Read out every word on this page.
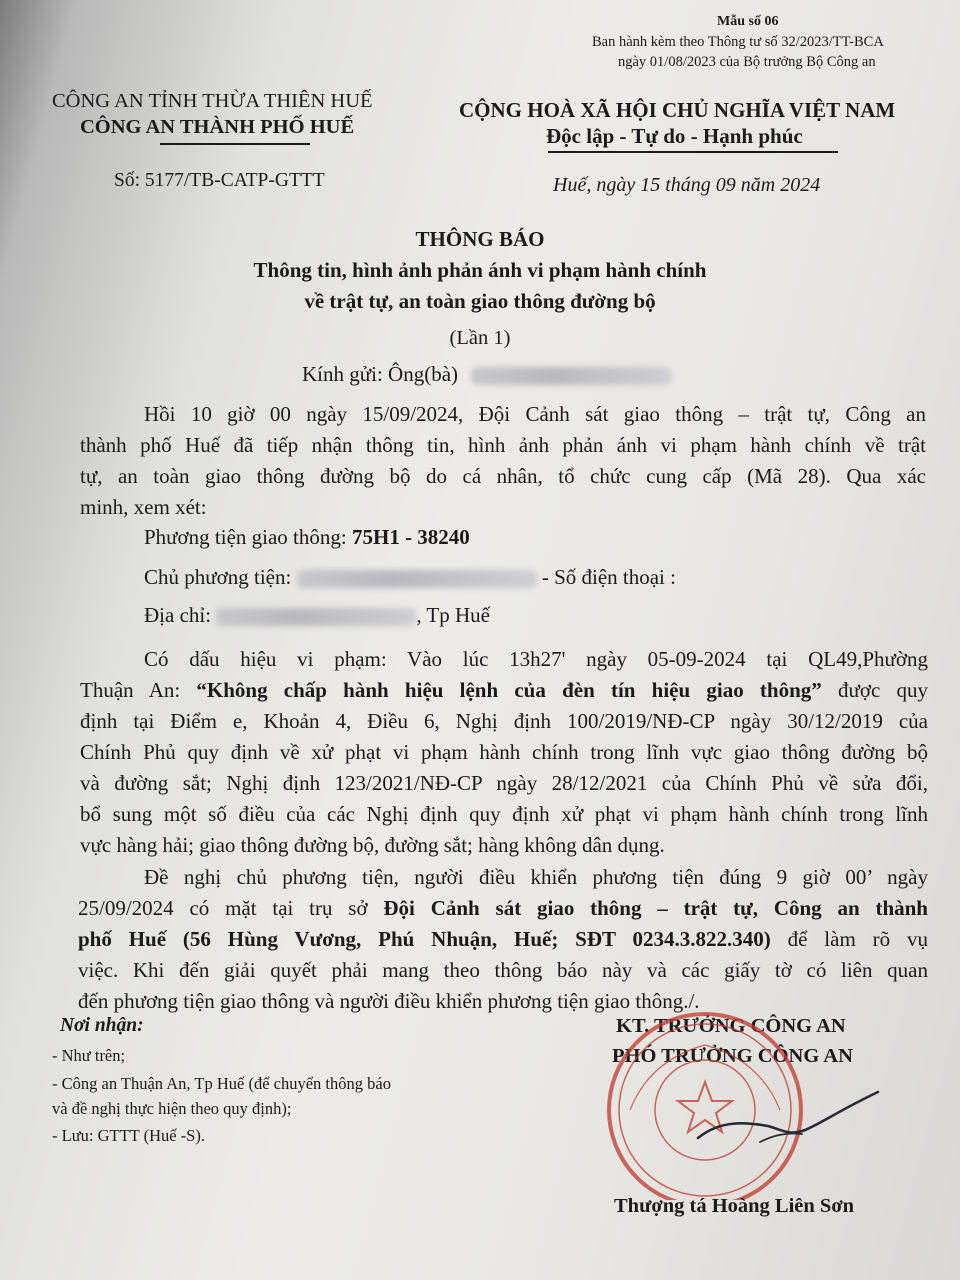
Mẫu số 06
Ban hành kèm theo Thông tư số 32/2023/TT-BCA
ngày 01/08/2023 của Bộ trưởng Bộ Công an
CÔNG AN TỈNH THỪA THIÊN HUẾ
CÔNG AN THÀNH PHỐ HUẾ
Số: 5177/TB-CATP-GTTT
CỘNG HOÀ XÃ HỘI CHỦ NGHĨA VIỆT NAM
Độc lập - Tự do - Hạnh phúc
Huế, ngày 15 tháng 09 năm 2024
THÔNG BÁO
Thông tin, hình ảnh phản ánh vi phạm hành chính
về trật tự, an toàn giao thông đường bộ
(Lần 1)
Kính gửi: Ông(bà)
Hồi 10 giờ 00 ngày 15/09/2024, Đội Cảnh sát giao thông – trật tự, Công an
thành phố Huế đã tiếp nhận thông tin, hình ảnh phản ánh vi phạm hành chính về trật
tự, an toàn giao thông đường bộ do cá nhân, tổ chức cung cấp (Mã 28). Qua xác
minh, xem xét:
Phương tiện giao thông: 75H1 - 38240
Chủ phương tiện:	- Số điện thoại :
Địa chỉ:	, Tp Huế
Có dấu hiệu vi phạm: Vào lúc 13h27' ngày 05-09-2024 tại QL49,Phường
Thuận An: “Không chấp hành hiệu lệnh của đèn tín hiệu giao thông” được quy
định tại Điểm e, Khoản 4, Điều 6, Nghị định 100/2019/NĐ-CP ngày 30/12/2019 của
Chính Phủ quy định về xử phạt vi phạm hành chính trong lĩnh vực giao thông đường bộ
và đường sắt; Nghị định 123/2021/NĐ-CP ngày 28/12/2021 của Chính Phủ về sửa đổi,
bổ sung một số điều của các Nghị định quy định xử phạt vi phạm hành chính trong lĩnh
vực hàng hải; giao thông đường bộ, đường sắt; hàng không dân dụng.
Đề nghị chủ phương tiện, người điều khiển phương tiện đúng 9 giờ 00’ ngày
25/09/2024 có mặt tại trụ sở Đội Cảnh sát giao thông – trật tự, Công an thành
phố Huế (56 Hùng Vương, Phú Nhuận, Huế; SĐT 0234.3.822.340) để làm rõ vụ
việc. Khi đến giải quyết phải mang theo thông báo này và các giấy tờ có liên quan
đến phương tiện giao thông và người điều khiển phương tiện giao thông./.
Nơi nhận:
- Như trên;
- Công an Thuận An, Tp Huế (để chuyển thông báo
và đề nghị thực hiện theo quy định);
- Lưu: GTTT (Huế -S).
KT. TRƯỞNG CÔNG AN
PHÓ TRƯỞNG CÔNG AN
Thượng tá Hoàng Liên Sơn
